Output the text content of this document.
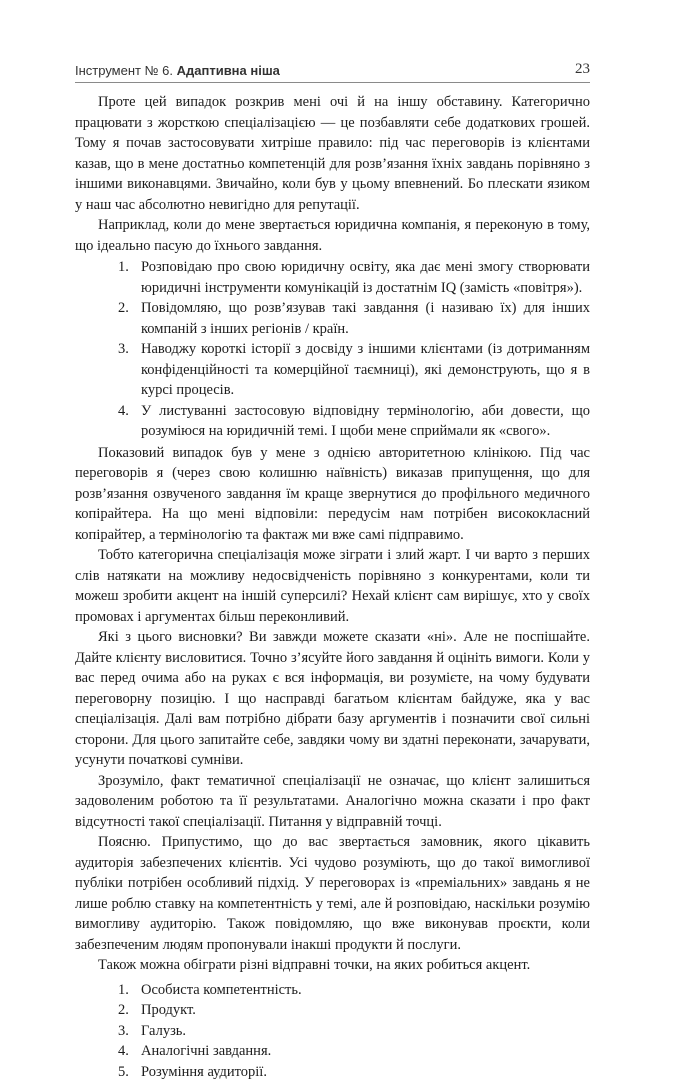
Інструмент № 6. Адаптивна ніша	23

Проте цей випадок розкрив мені очі й на іншу обставину. Категорично працювати з жорсткою спеціалізацією — це позбавляти себе додаткових грошей. Тому я почав застосовувати хитріше правило: під час переговорів із клієнтами казав, що в мене достатньо компетенцій для розв’язання їхніх завдань порівняно з іншими виконавцями. Звичайно, коли був у цьому впевнений. Бо плескати язиком у наш час абсолютно невигідно для репутації.

Наприклад, коли до мене звертається юридична компанія, я переконую в тому, що ідеально пасую до їхнього завдання.

1. Розповідаю про свою юридичну освіту, яка дає мені змогу створювати юридичні інструменти комунікацій із достатнім IQ (замість «повітря»).
2. Повідомляю, що розв’язував такі завдання (і називаю їх) для інших компаній з інших регіонів / країн.
3. Наводжу короткі історії з досвіду з іншими клієнтами (із дотриманням конфіденційності та комерційної таємниці), які демонструють, що я в курсі процесів.
4. У листуванні застосовую відповідну термінологію, аби довести, що розуміюся на юридичній темі. І щоби мене сприймали як «свого».

Показовий випадок був у мене з однією авторитетною клінікою. Під час переговорів я (через свою колишню наївність) виказав припущення, що для розв’язання озвученого завдання їм краще звернутися до профільного медичного копірайтера. На що мені відповіли: передусім нам потрібен висококласний копірайтер, а термінологію та фактаж ми вже самі підправимо.

Тобто категорична спеціалізація може зіграти і злий жарт. І чи варто з перших слів натякати на можливу недосвідченість порівняно з конкурентами, коли ти можеш зробити акцент на іншій суперсилі? Нехай клієнт сам вирішує, хто у своїх промовах і аргументах більш переконливий.

Які з цього висновки? Ви завжди можете сказати «ні». Але не поспішайте. Дайте клієнту висловитися. Точно з’ясуйте його завдання й оцініть вимоги. Коли у вас перед очима або на руках є вся інформація, ви розумієте, на чому будувати переговорну позицію. І що насправді багатьом клієнтам байдуже, яка у вас спеціалізація. Далі вам потрібно дібрати базу аргументів і позначити свої сильні сторони. Для цього запитайте себе, завдяки чому ви здатні переконати, зачарувати, усунути початкові сумніви.

Зрозуміло, факт тематичної спеціалізації не означає, що клієнт залишиться задоволеним роботою та її результатами. Аналогічно можна сказати і про факт відсутності такої спеціалізації. Питання у відправній точці.

Поясню. Припустимо, що до вас звертається замовник, якого цікавить аудиторія забезпечених клієнтів. Усі чудово розуміють, що до такої вимогливої публіки потрібен особливий підхід. У переговорах із «преміальних» завдань я не лише роблю ставку на компетентність у темі, але й розповідаю, наскільки розумію вимогливу аудиторію. Також повідомляю, що вже виконував проєкти, коли забезпеченим людям пропонували інакші продукти й послуги.

Також можна обігрaти різні відправні точки, на яких робиться акцент.

1. Особиста компетентність.
2. Продукт.
3. Галузь.
4. Аналогічні завдання.
5. Розуміння аудиторії.
